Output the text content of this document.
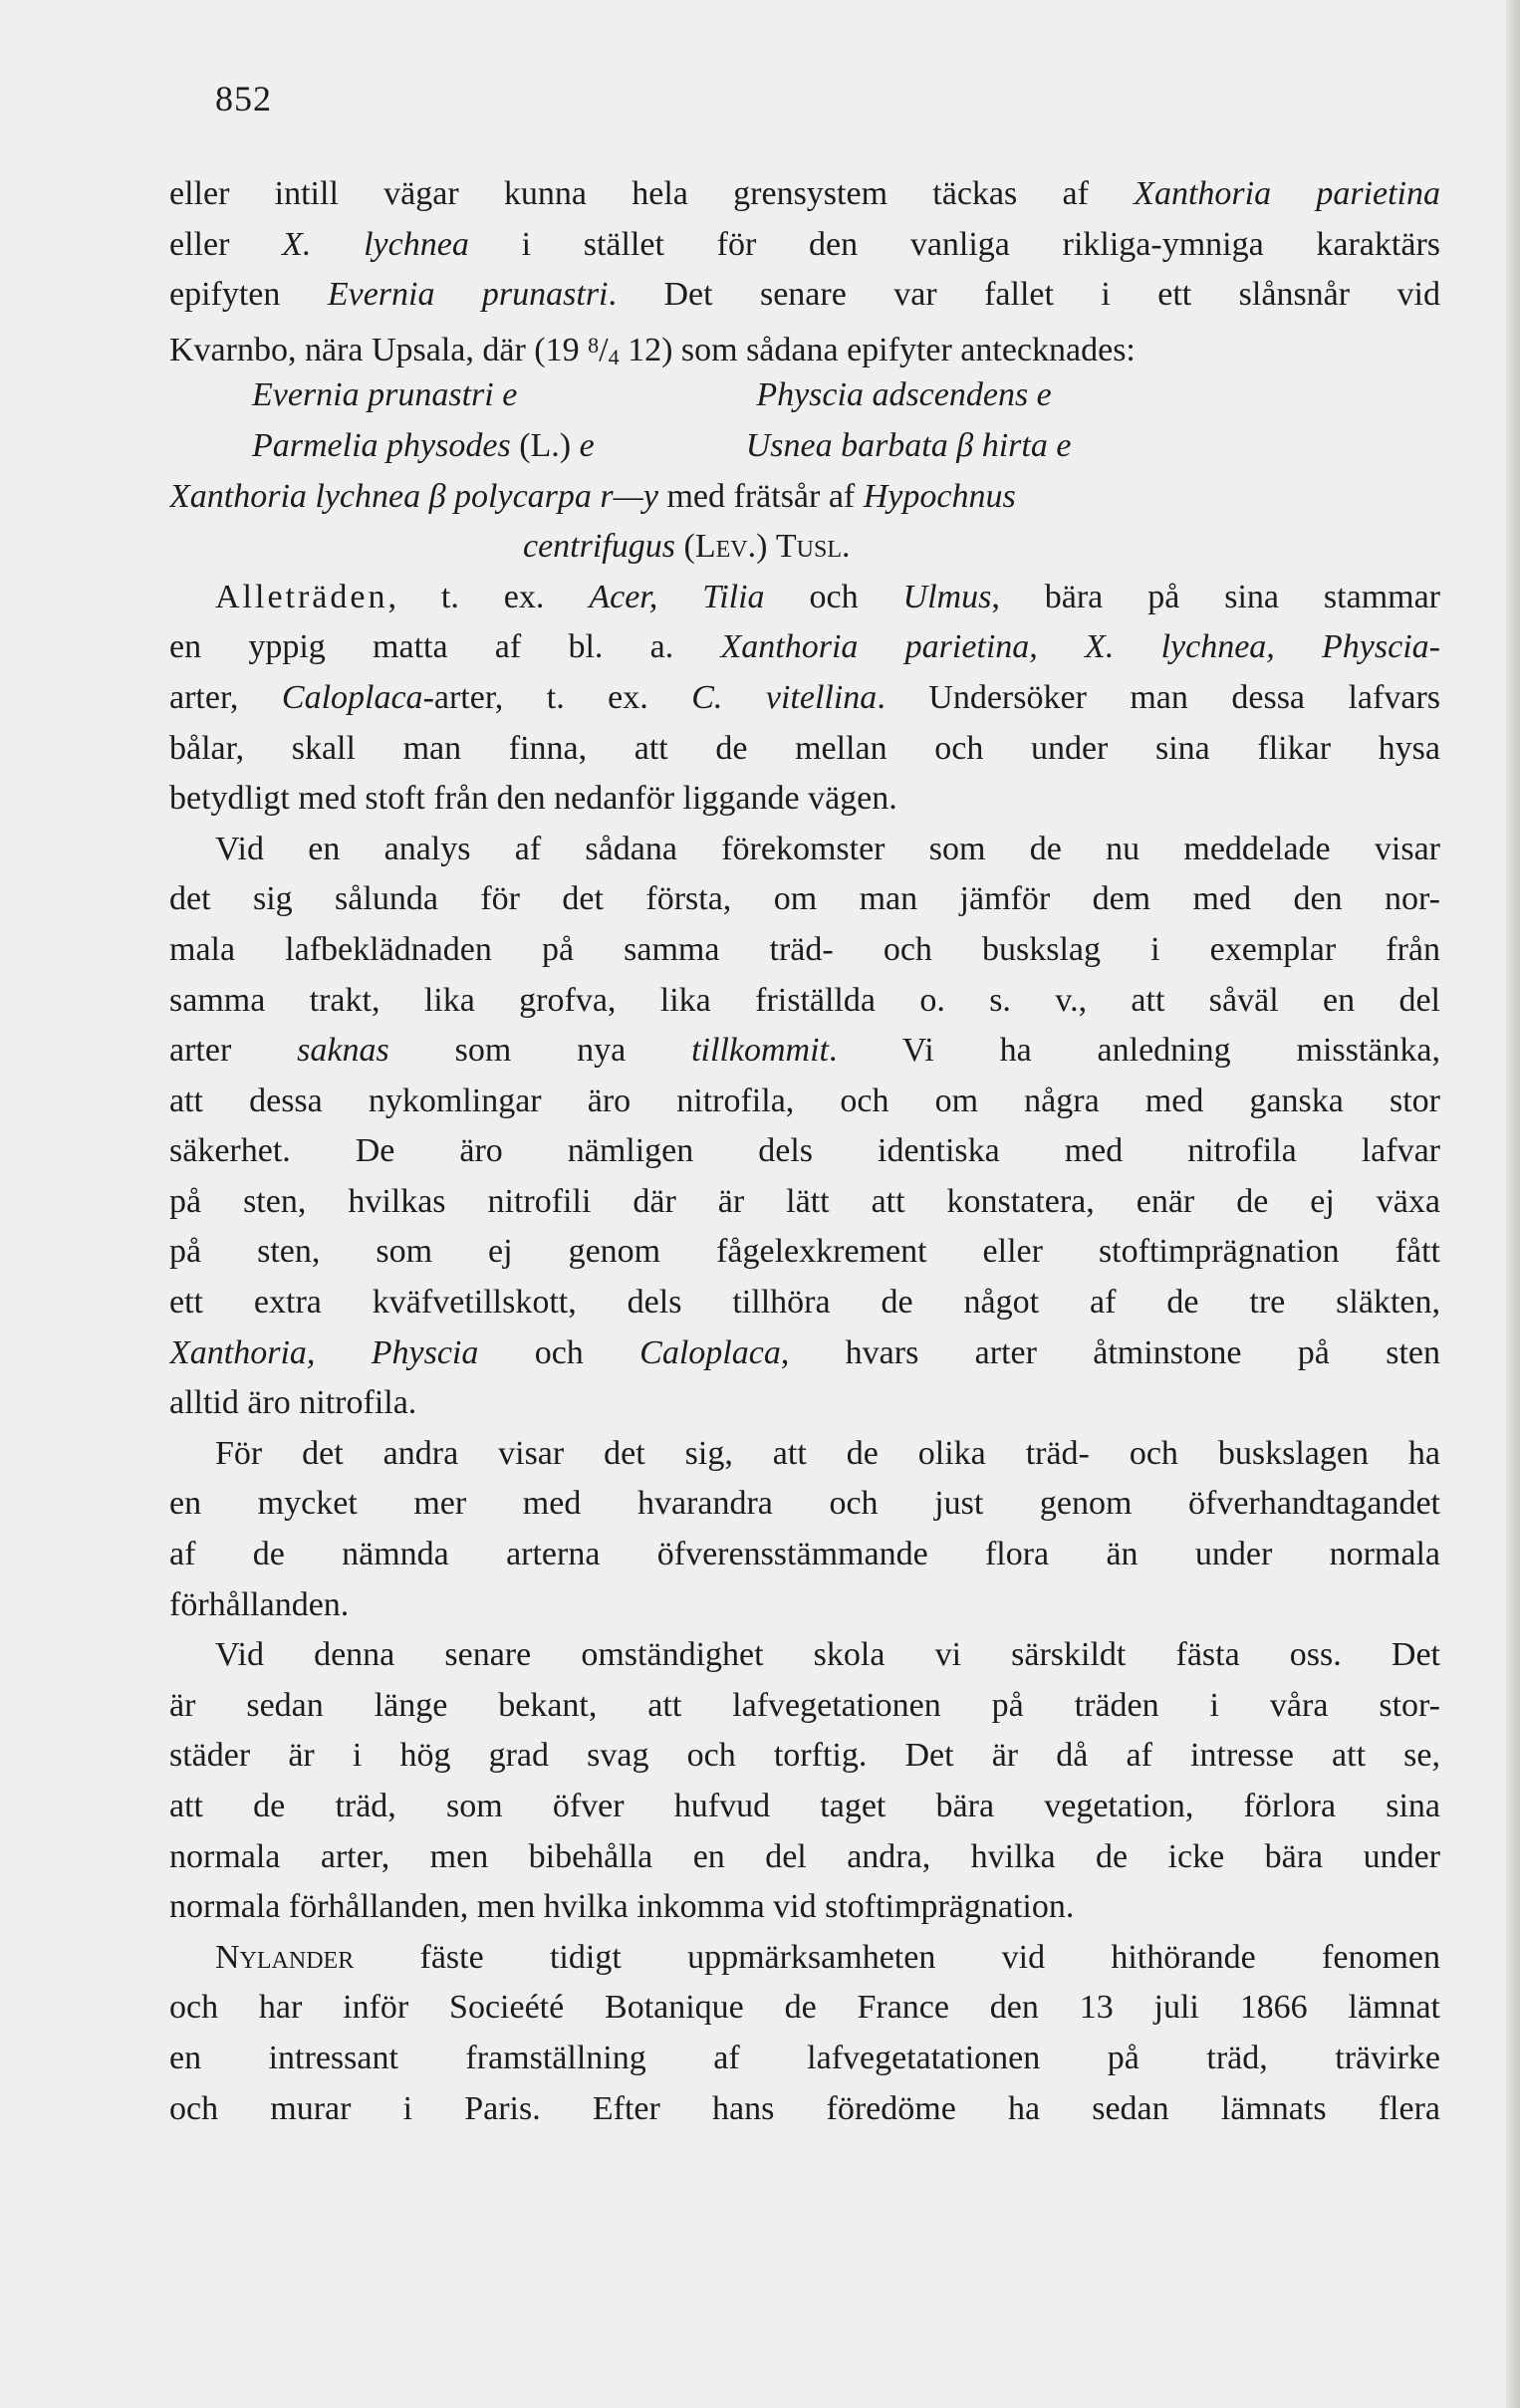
852

eller intill vägar kunna hela grensystem täckas af Xanthoria parietina
eller X. lychnea i stället för den vanliga rikliga-ymniga karaktärs
epifyten Evernia prunastri. Det senare var fallet i ett slånsnår vid
Kvarnbo, nära Upsala, där (19 $^8/_4$ 12) som sådana epifyter antecknades:
Evernia prunastri e	Physcia adscendens e
Parmelia physodes (L.) e	Usnea barbata β hirta e
Xanthoria lychnea β polycarpa r—y med frätsår af Hypochnus
centrifugus (Lev.) Tusl.
Alleträden, t. ex. Acer, Tilia och Ulmus, bära på sina stammar
en yppig matta af bl. a. Xanthoria parietina, X. lychnea, Physcia-
arter, Caloplaca-arter, t. ex. C. vitellina. Undersöker man dessa lafvars
bålar, skall man finna, att de mellan och under sina flikar hysa
betydligt med stoft från den nedanför liggande vägen.
Vid en analys af sådana förekomster som de nu meddelade visar
det sig sålunda för det första, om man jämför dem med den nor-
mala lafbeklädnaden på samma träd- och buskslag i exemplar från
samma trakt, lika grofva, lika friställda o. s. v., att såväl en del
arter saknas som nya tillkommit. Vi ha anledning misstänka,
att dessa nykomlingar äro nitrofila, och om några med ganska stor
säkerhet. De äro nämligen dels identiska med nitrofila lafvar
på sten, hvilkas nitrofili där är lätt att konstatera, enär de ej växa
på sten, som ej genom fågelexkrement eller stoftimprägnation fått
ett extra kväfvetillskott, dels tillhöra de något af de tre släkten,
Xanthoria, Physcia och Caloplaca, hvars arter åtminstone på sten
alltid äro nitrofila.
För det andra visar det sig, att de olika träd- och buskslagen ha
en mycket mer med hvarandra och just genom öfverhandtagandet
af de nämnda arterna öfverensstämmande flora än under normala
förhållanden.
Vid denna senare omständighet skola vi särskildt fästa oss. Det
är sedan länge bekant, att lafvegetationen på träden i våra stor-
städer är i hög grad svag och torftig. Det är då af intresse att se,
att de träd, som öfver hufvud taget bära vegetation, förlora sina
normala arter, men bibehålla en del andra, hvilka de icke bära under
normala förhållanden, men hvilka inkomma vid stoftimprägnation.
Nylander fäste tidigt uppmärksamheten vid hithörande fenomen
och har inför Socieété Botanique de France den 13 juli 1866 lämnat
en intressant framställning af lafvegetatationen på träd, trävirke
och murar i Paris. Efter hans föredöme ha sedan lämnats flera
